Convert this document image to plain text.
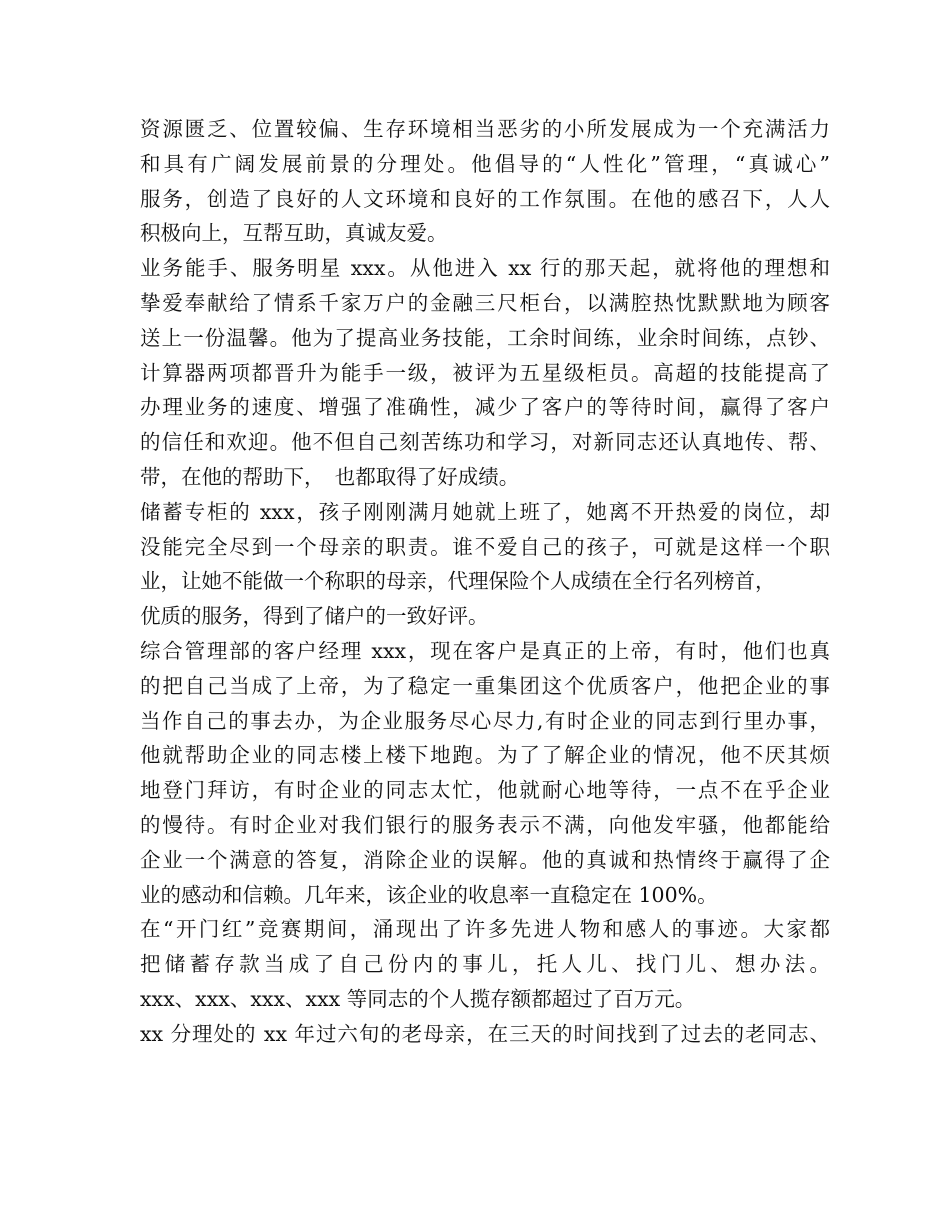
资源匮乏、位置较偏、生存环境相当恶劣的小所发展成为一个充满活力
和具有广阔发展前景的分理处。他倡导的“人性化”管理，“真诚心”
服务，创造了良好的人文环境和良好的工作氛围。在他的感召下，人人
积极向上，互帮互助，真诚友爱。
业务能手、服务明星 xxx。从他进入 xx 行的那天起，就将他的理想和
挚爱奉献给了情系千家万户的金融三尺柜台，以满腔热忱默默地为顾客
送上一份温馨。他为了提高业务技能，工余时间练，业余时间练，点钞、
计算器两项都晋升为能手一级，被评为五星级柜员。高超的技能提高了
办理业务的速度、增强了准确性，减少了客户的等待时间，赢得了客户
的信任和欢迎。他不但自己刻苦练功和学习，对新同志还认真地传、帮、
带，在他的帮助下，　也都取得了好成绩。
储蓄专柜的 xxx，孩子刚刚满月她就上班了，她离不开热爱的岗位，却
没能完全尽到一个母亲的职责。谁不爱自己的孩子，可就是这样一个职
业，让她不能做一个称职的母亲，代理保险个人成绩在全行名列榜首，
优质的服务，得到了储户的一致好评。
综合管理部的客户经理 xxx，现在客户是真正的上帝，有时，他们也真
的把自己当成了上帝，为了稳定一重集团这个优质客户，他把企业的事
当作自己的事去办，为企业服务尽心尽力,有时企业的同志到行里办事，
他就帮助企业的同志楼上楼下地跑。为了了解企业的情况，他不厌其烦
地登门拜访，有时企业的同志太忙，他就耐心地等待，一点不在乎企业
的慢待。有时企业对我们银行的服务表示不满，向他发牢骚，他都能给
企业一个满意的答复，消除企业的误解。他的真诚和热情终于赢得了企
业的感动和信赖。几年来，该企业的收息率一直稳定在 100%。
在“开门红”竞赛期间，涌现出了许多先进人物和感人的事迹。大家都
把储蓄存款当成了自己份内的事儿，托人儿、找门儿、想办法。
xxx、xxx、xxx、xxx 等同志的个人揽存额都超过了百万元。
xx 分理处的 xx 年过六旬的老母亲，在三天的时间找到了过去的老同志、
